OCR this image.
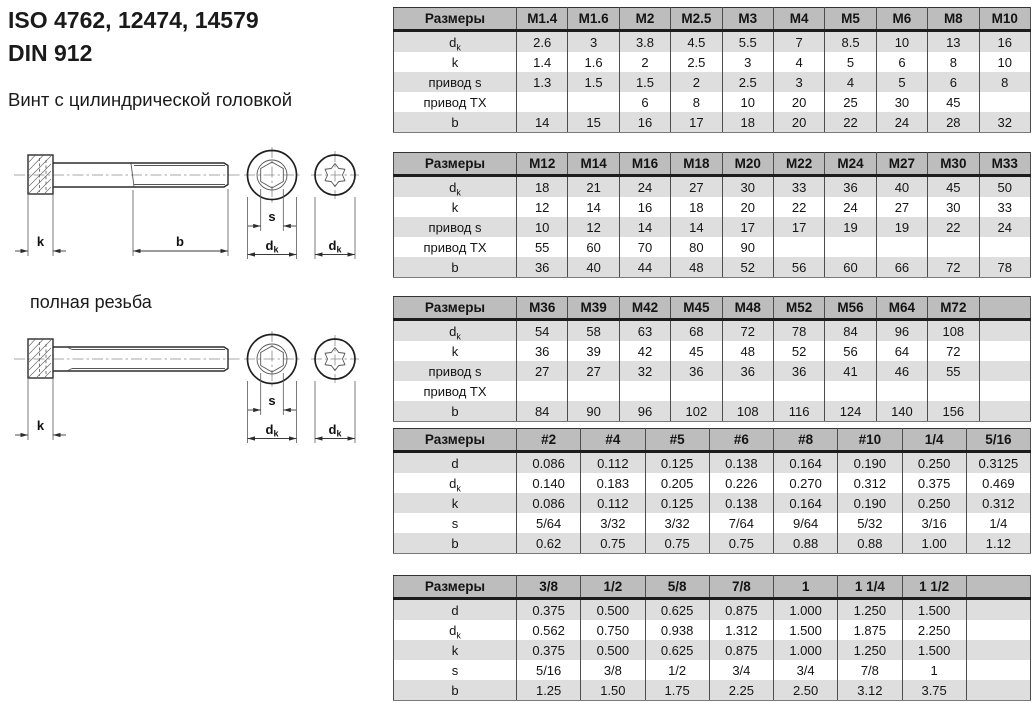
ISO 4762, 12474, 14579
DIN 912
Винт с цилиндрической головкой
k	b
s
dk	dk
полная резьба
k
s
dk	dk
Размеры	M1.4	M1.6	M2	M2.5	M3	M4	M5	M6	M8	M10
$d_k$	2.6	3	3.8	4.5	5.5	7	8.5	10	13	16
k	1.4	1.6	2	2.5	3	4	5	6	8	10
привод s	1.3	1.5	1.5	2	2.5	3	4	5	6	8
привод TX			6	8	10	20	25	30	45	
b	14	15	16	17	18	20	22	24	28	32
Размеры	M12	M14	M16	M18	M20	M22	M24	M27	M30	M33
$d_k$	18	21	24	27	30	33	36	40	45	50
k	12	14	16	18	20	22	24	27	30	33
привод s	10	12	14	14	17	17	19	19	22	24
привод TX	55	60	70	80	90					
b	36	40	44	48	52	56	60	66	72	78
Размеры	M36	M39	M42	M45	M48	M52	M56	M64	M72	
$d_k$	54	58	63	68	72	78	84	96	108	
k	36	39	42	45	48	52	56	64	72	
привод s	27	27	32	36	36	36	41	46	55	
привод TX										
b	84	90	96	102	108	116	124	140	156	
Размеры	#2	#4	#5	#6	#8	#10	1/4	5/16
d	0.086	0.112	0.125	0.138	0.164	0.190	0.250	0.3125
$d_k$	0.140	0.183	0.205	0.226	0.270	0.312	0.375	0.469
k	0.086	0.112	0.125	0.138	0.164	0.190	0.250	0.312
s	5/64	3/32	3/32	7/64	9/64	5/32	3/16	1/4
b	0.62	0.75	0.75	0.75	0.88	0.88	1.00	1.12
Размеры	3/8	1/2	5/8	7/8	1	1 1/4	1 1/2	
d	0.375	0.500	0.625	0.875	1.000	1.250	1.500	
$d_k$	0.562	0.750	0.938	1.312	1.500	1.875	2.250	
k	0.375	0.500	0.625	0.875	1.000	1.250	1.500	
s	5/16	3/8	1/2	3/4	3/4	7/8	1	
b	1.25	1.50	1.75	2.25	2.50	3.12	3.75	
